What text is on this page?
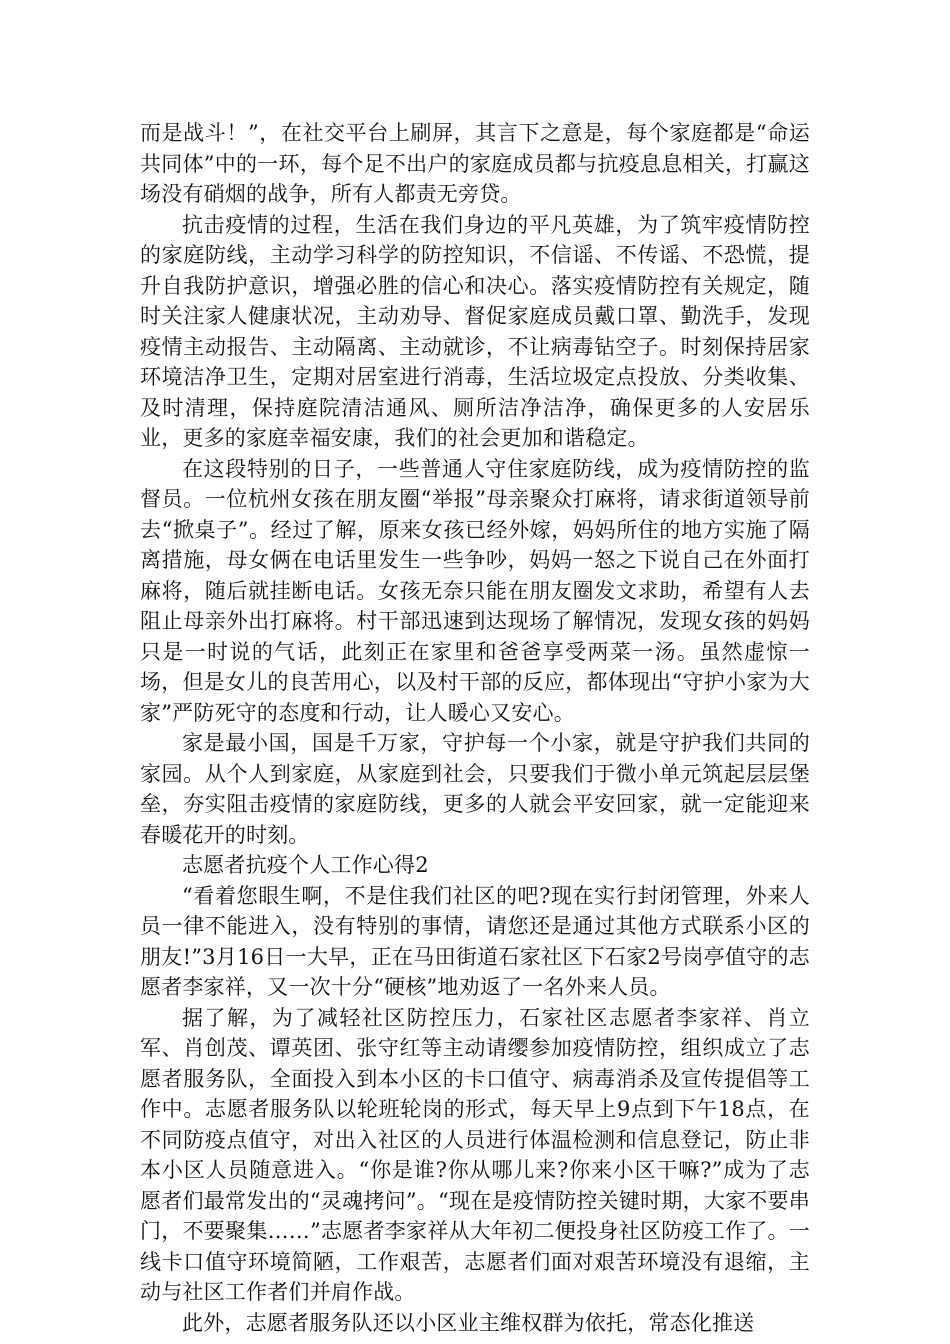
而是战斗！”，在社交平台上刷屏，其言下之意是，每个家庭都是“命运共同体”中的一环，每个足不出户的家庭成员都与抗疫息息相关，打赢这场没有硝烟的战争，所有人都责无旁贷。

抗击疫情的过程，生活在我们身边的平凡英雄，为了筑牢疫情防控的家庭防线，主动学习科学的防控知识，不信谣、不传谣、不恐慌，提升自我防护意识，增强必胜的信心和决心。落实疫情防控有关规定，随时关注家人健康状况，主动劝导、督促家庭成员戴口罩、勤洗手，发现疫情主动报告、主动隔离、主动就诊，不让病毒钻空子。时刻保持居家环境洁净卫生，定期对居室进行消毒，生活垃圾定点投放、分类收集、及时清理，保持庭院清洁通风、厕所洁净洁净，确保更多的人安居乐业，更多的家庭幸福安康，我们的社会更加和谐稳定。

在这段特别的日子，一些普通人守住家庭防线，成为疫情防控的监督员。一位杭州女孩在朋友圈“举报”母亲聚众打麻将，请求街道领导前去“掀桌子”。经过了解，原来女孩已经外嫁，妈妈所住的地方实施了隔离措施，母女俩在电话里发生一些争吵，妈妈一怒之下说自己在外面打麻将，随后就挂断电话。女孩无奈只能在朋友圈发文求助，希望有人去阻止母亲外出打麻将。村干部迅速到达现场了解情况，发现女孩的妈妈只是一时说的气话，此刻正在家里和爸爸享受两菜一汤。虽然虚惊一场，但是女儿的良苦用心，以及村干部的反应，都体现出“守护小家为大家”严防死守的态度和行动，让人暖心又安心。

家是最小国，国是千万家，守护每一个小家，就是守护我们共同的家园。从个人到家庭，从家庭到社会，只要我们于微小单元筑起层层堡垒，夯实阻击疫情的家庭防线，更多的人就会平安回家，就一定能迎来春暖花开的时刻。

志愿者抗疫个人工作心得2

“看着您眼生啊，不是住我们社区的吧?现在实行封闭管理，外来人员一律不能进入，没有特别的事情，请您还是通过其他方式联系小区的朋友!”3月16日一大早，正在马田街道石家社区下石家2号岗亭值守的志愿者李家祥，又一次十分“硬核”地劝返了一名外来人员。

据了解，为了减轻社区防控压力，石家社区志愿者李家祥、肖立军、肖创茂、谭英团、张守红等主动请缨参加疫情防控，组织成立了志愿者服务队，全面投入到本小区的卡口值守、病毒消杀及宣传提倡等工作中。志愿者服务队以轮班轮岗的形式，每天早上9点到下午18点，在不同防疫点值守，对出入社区的人员进行体温检测和信息登记，防止非本小区人员随意进入。“你是谁?你从哪儿来?你来小区干嘛?”成为了志愿者们最常发出的“灵魂拷问”。“现在是疫情防控关键时期，大家不要串门，不要聚集……”志愿者李家祥从大年初二便投身社区防疫工作了。一线卡口值守环境简陋，工作艰苦，志愿者们面对艰苦环境没有退缩，主动与社区工作者们并肩作战。

此外，志愿者服务队还以小区业主维权群为依托，常态化推送
